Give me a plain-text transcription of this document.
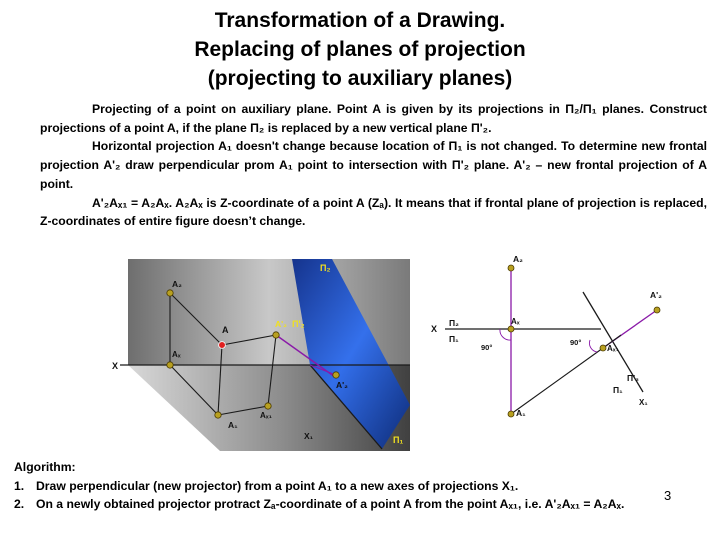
Transformation of a Drawing.
Replacing of planes of projection
(projecting to auxiliary planes)

Projecting of a point on auxiliary plane. Point A is given by its projections in Π₂/Π₁ planes. Construct projections of a point A, if the plane Π₂ is replaced by a new vertical plane Π'₂.

Horizontal projection A₁ doesn't change because location of Π₁ is not changed. To determine new frontal projection A'₂ draw perpendicular prom A₁ point to intersection with Π'₂ plane. A'₂ – new frontal projection of A point.

A'₂Aₓ₁ = A₂Aₓ. A₂Aₓ is Z-coordinate of a point A (Zₐ). It means that if frontal plane of projection is replaced, Z-coordinates of entire figure doesn’t change.

П₂
П'₂
П₁
A₂
A
A'₂
A'₂
Aₓ
Aₓ₁
A₁
X
X₁
A₂
A'₂
Aₓ
Aₓ₁
A₁
X
П₂
П₁
П'₂
П₁
X₁
90°
90°
Algorithm:
1. Draw perpendicular (new projector) from a point A₁ to a new axes of projections X₁.
2. On a newly obtained projector protract Zₐ-coordinate of a point A from the point Aₓ₁, i.e. A'₂Aₓ₁ = A₂Aₓ.
3
